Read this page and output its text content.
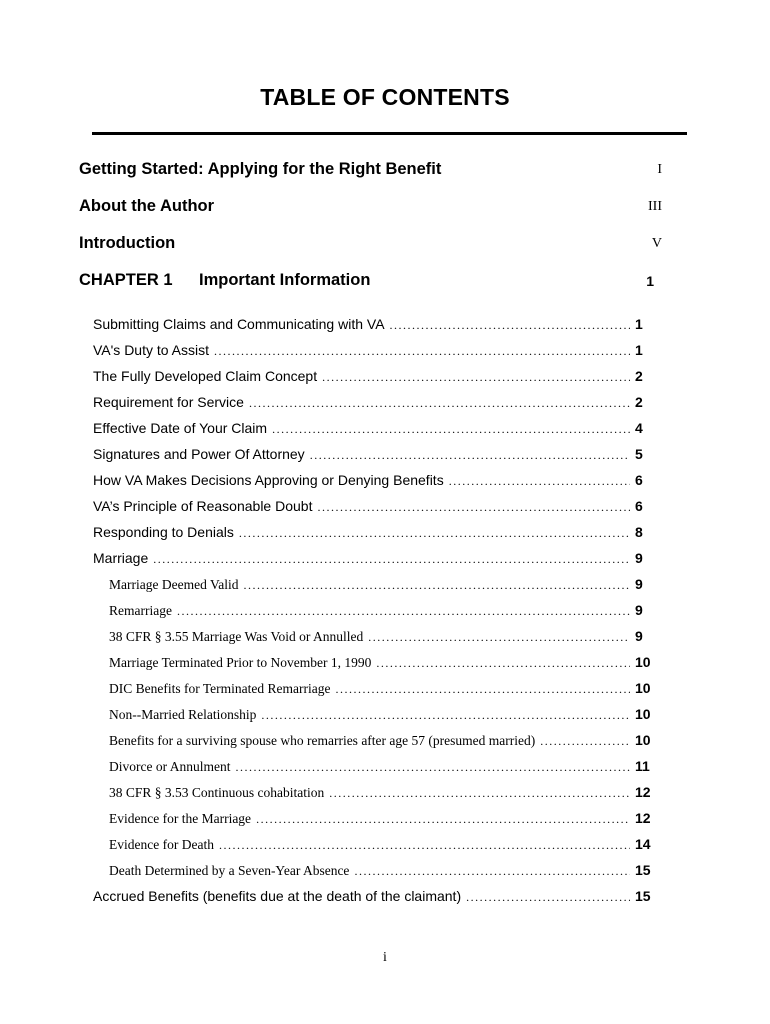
TABLE OF CONTENTS
Getting Started: Applying for the Right Benefit	I
About the Author	III
Introduction	V
CHAPTER 1 Important Information	1
Submitting Claims and Communicating with VA .....	1
VA's Duty to Assist .....	1
The Fully Developed Claim Concept .....	2
Requirement for Service .....	2
Effective Date of Your Claim .....	4
Signatures and Power Of Attorney .....	5
How VA Makes Decisions Approving or Denying Benefits .....	6
VA’s Principle of Reasonable Doubt .....	6
Responding to Denials .....	8
Marriage .....	9
Marriage Deemed Valid .....	9
Remarriage .....	9
38 CFR § 3.55 Marriage Was Void or Annulled .....	9
Marriage Terminated Prior to November 1, 1990 .....	10
DIC Benefits for Terminated Remarriage .....	10
Non--Married Relationship .....	10
Benefits for a surviving spouse who remarries after age 57 (presumed married) .....	10
Divorce or Annulment .....	11
38 CFR § 3.53 Continuous cohabitation .....	12
Evidence for the Marriage .....	12
Evidence for Death .....	14
Death Determined by a Seven-Year Absence .....	15
Accrued Benefits (benefits due at the death of the claimant) .....	15
i
